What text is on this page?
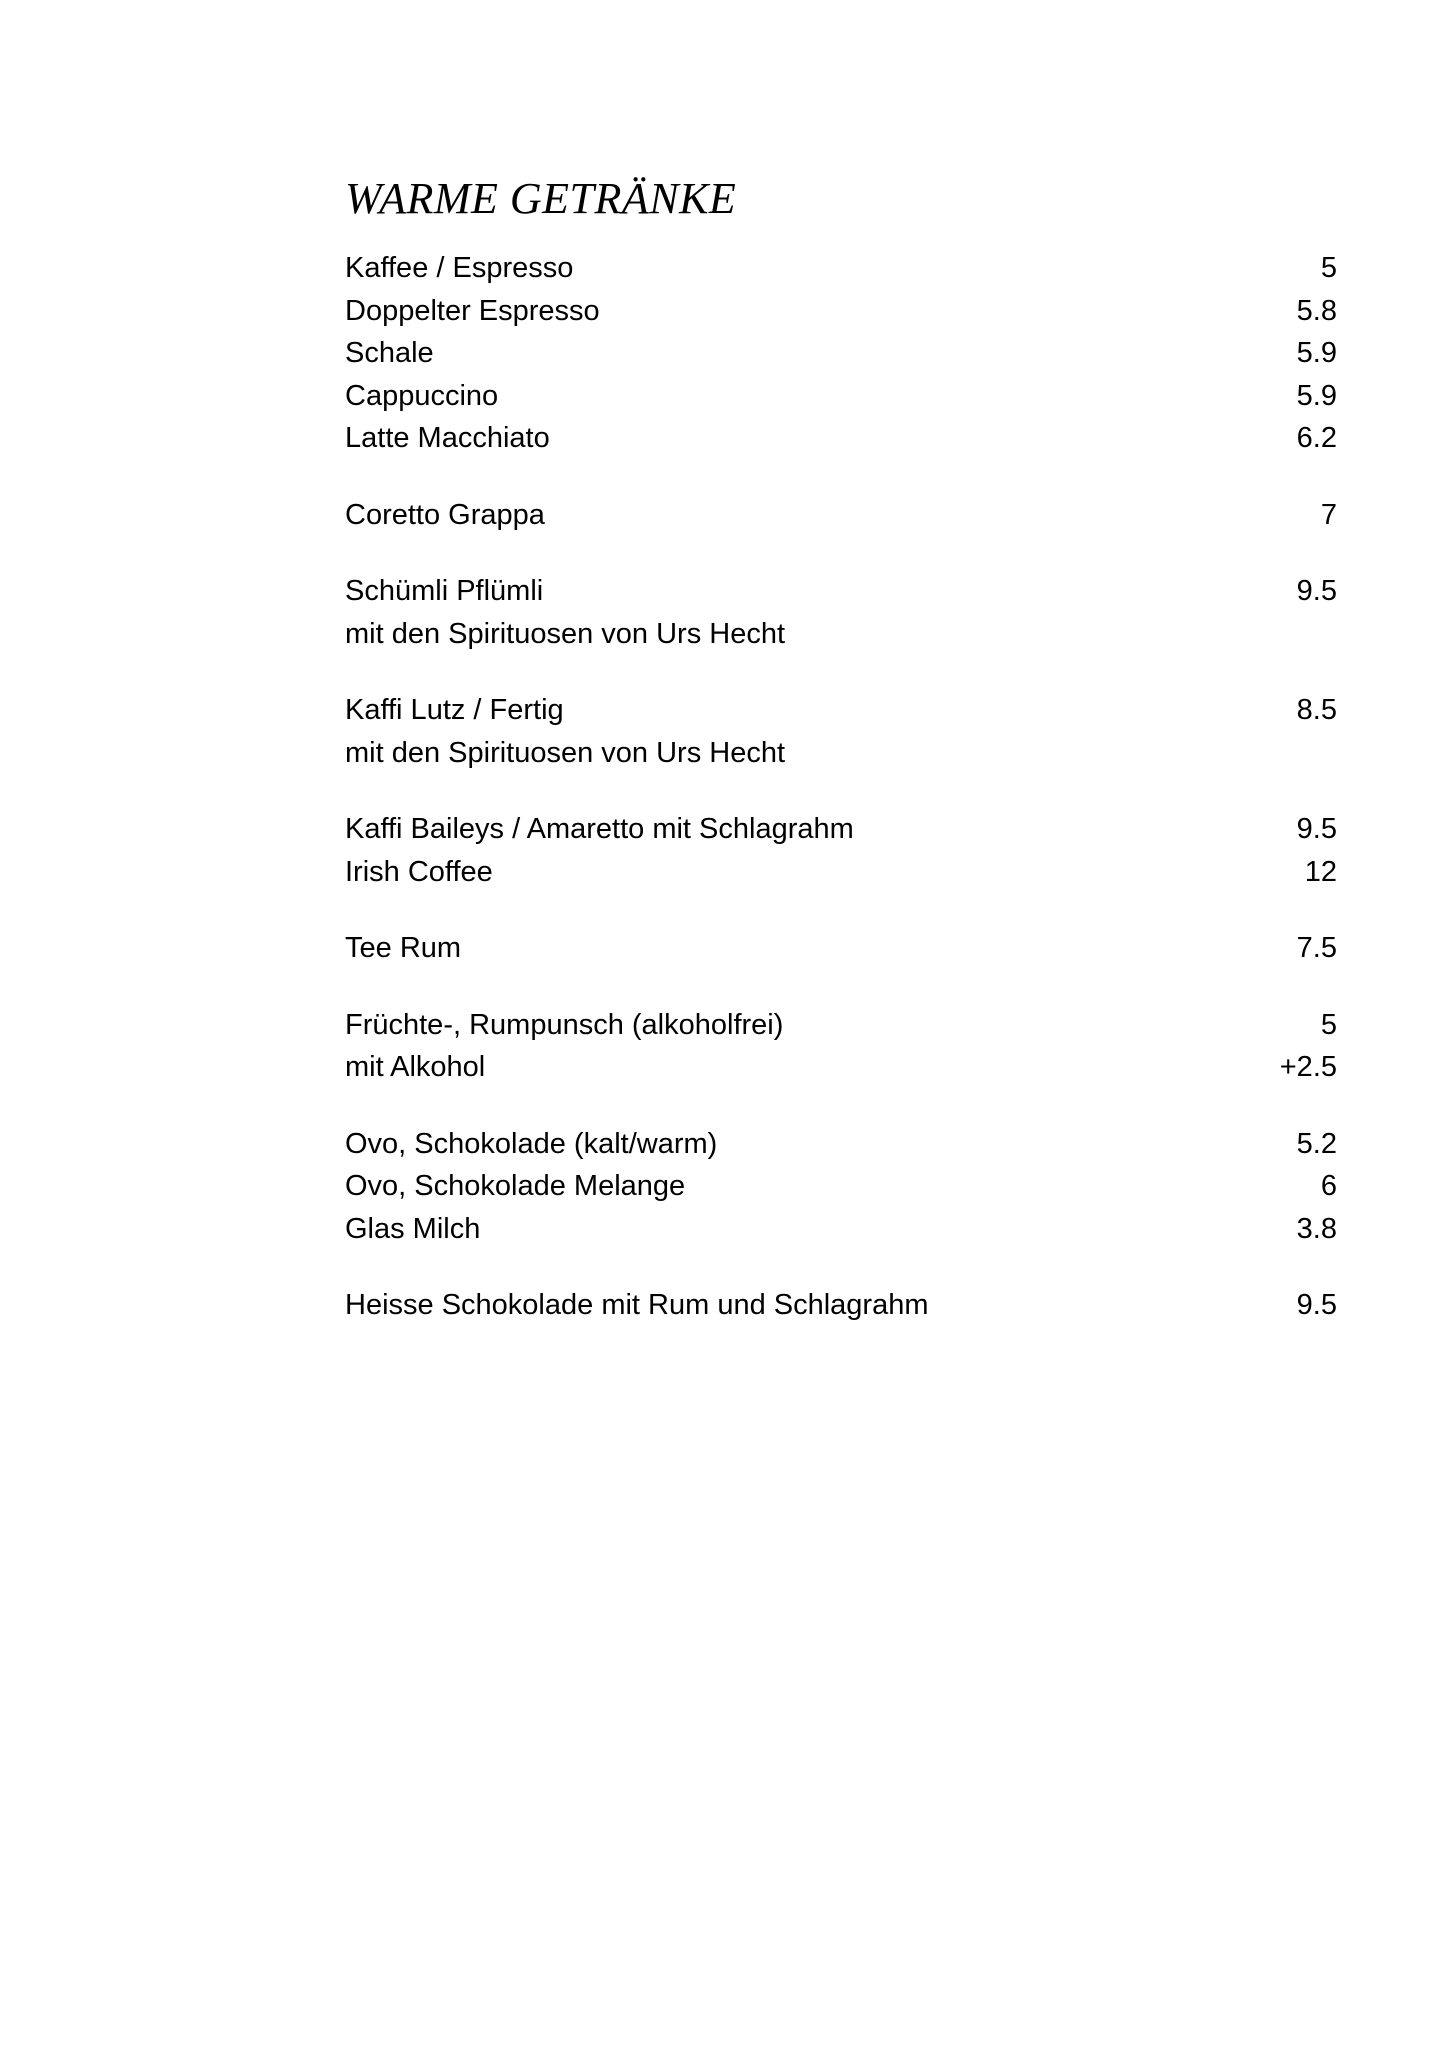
WARME GETRÄNKE
Kaffee / Espresso	5
Doppelter Espresso	5.8
Schale	5.9
Cappuccino	5.9
Latte Macchiato	6.2
Coretto Grappa	7
Schümli Pflümli	9.5
mit den Spirituosen von Urs Hecht
Kaffi Lutz / Fertig	8.5
mit den Spirituosen von Urs Hecht
Kaffi Baileys / Amaretto mit Schlagrahm	9.5
Irish Coffee	12
Tee Rum	7.5
Früchte-, Rumpunsch (alkoholfrei)	5
mit Alkohol	+2.5
Ovo, Schokolade (kalt/warm)	5.2
Ovo, Schokolade Melange	6
Glas Milch	3.8
Heisse Schokolade mit Rum und Schlagrahm	9.5
